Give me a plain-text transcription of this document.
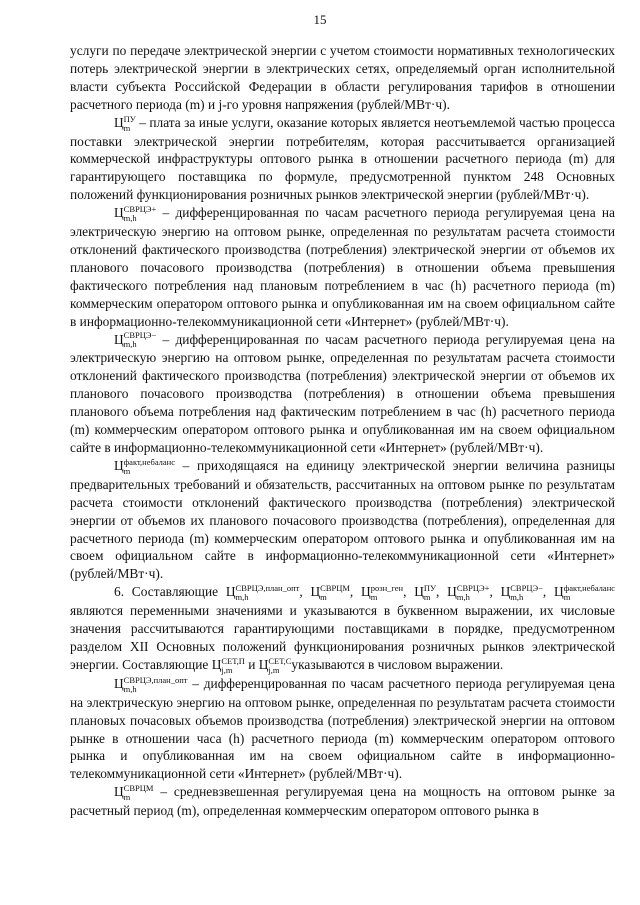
15

услуги по передаче электрической энергии с учетом стоимости нормативных технологических потерь электрической энергии в электрических сетях, определяемый орган исполнительной власти субъекта Российской Федерации в области регулирования тарифов в отношении расчетного периода (m) и j-го уровня напряжения (рублей/МВт·ч).

Ц ПУ
m – плата за иные услуги, оказание которых является неотъемлемой частью процесса поставки электрической энергии потребителям, которая рассчитывается организацией коммерческой инфраструктуры оптового рынка в отношении расчетного периода (m) для гарантирующего поставщика по формуле, предусмотренной пунктом 248 Основных положений функционирования розничных рынков электрической энергии (рублей/МВт·ч).

Ц СВРЦЭ+
m,h	– дифференцированная по часам расчетного периода регулируемая цена на электрическую энергию на оптовом рынке, определенная по результатам расчета стоимости отклонений фактического производства (потребления) электрической энергии от объемов их планового почасового производства (потребления) в отношении объема превышения фактического потребления над плановым потреблением в час (h) расчетного периода (m) коммерческим оператором оптового рынка и опубликованная им на своем официальном сайте в информационно-телекоммуникационной сети «Интернет» (рублей/МВт·ч).

Ц СВРЦЭ−
m,h	– дифференцированная по часам расчетного периода регулируемая цена на электрическую энергию на оптовом рынке, определенная по результатам расчета стоимости отклонений фактического производства (потребления) электрической энергии от объемов их планового почасового производства (потребления) в отношении объема превышения планового объема потребления над фактическим потреблением в час (h) расчетного периода (m) коммерческим оператором оптового рынка и опубликованная им на своем официальном сайте в информационно-телекоммуникационной сети «Интернет» (рублей/МВт·ч).

Ц факт,небаланс
m	– приходящаяся на единицу электрической энергии величина разницы предварительных требований и обязательств, рассчитанных на оптовом рынке по результатам расчета стоимости отклонений фактического производства (потребления) электрической энергии от объемов их планового почасового производства (потребления), определенная для расчетного периода (m) коммерческим оператором оптового рынка и опубликованная им на своем официальном сайте в информационно-телекоммуникационной сети «Интернет» (рублей/МВт·ч).

6. Составляющие Ц СВРЦЭ,план_опт
m,h	, Ц СВРЦМ
m	, Ц розн_ген
m	, Ц ПУ
m , Ц СВРЦЭ+
m,h	, Ц СВРЦЭ−
m,h	, Ц факт,небаланс
m
являются переменными значениями и указываются в буквенном выражении, их числовые значения рассчитываются гарантирующими поставщиками в порядке, предусмотренном разделом XII Основных положений функционирования розничных рынков электрической энергии. Составляющие Ц СЕТ,П
j,m и Ц СЕТ,С
j,m указываются в числовом выражении.

Ц СВРЦЭ,план_опт
m,h	– дифференцированная по часам расчетного периода регулируемая цена на электрическую энергию на оптовом рынке, определенная по результатам расчета стоимости плановых почасовых объемов производства (потребления) электрической энергии на оптовом рынке в отношении часа (h) расчетного периода (m) коммерческим оператором оптового рынка и опубликованная им на своем официальном сайте в информационно-телекоммуникационной сети «Интернет» (рублей/МВт·ч).

Ц СВРЦМ
m	– средневзвешенная регулируемая цена на мощность на оптовом рынке за расчетный период (m), определенная коммерческим оператором оптового рынка в
